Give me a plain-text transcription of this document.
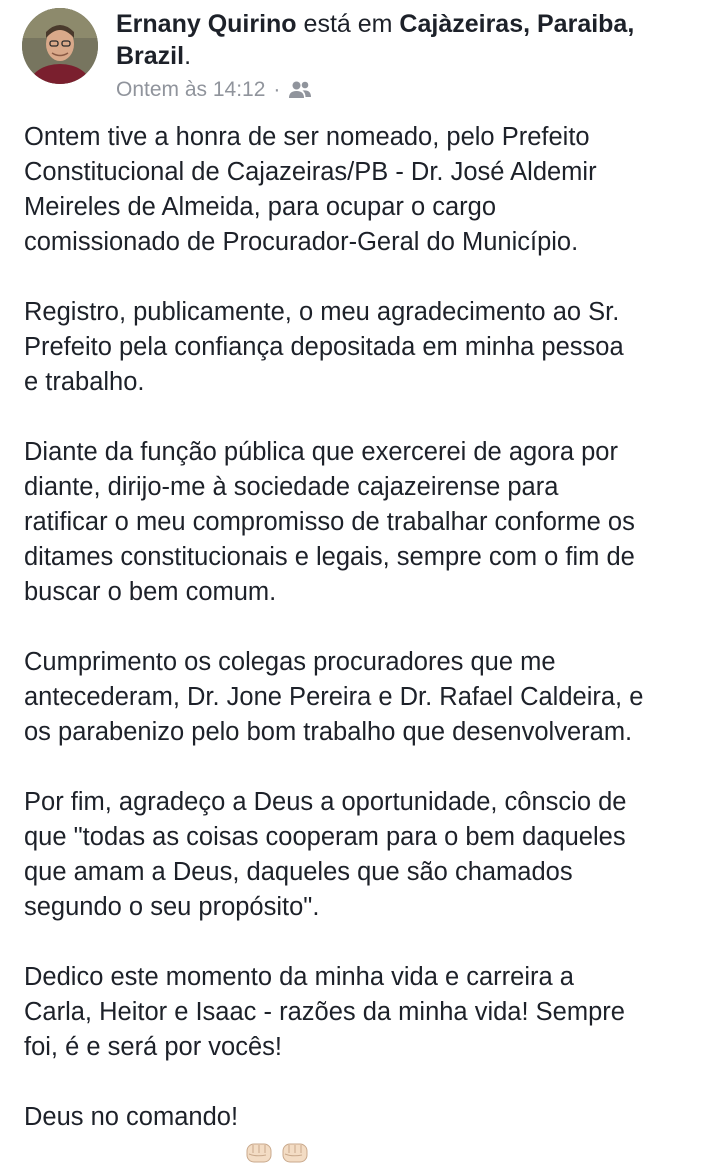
Ernany Quirino está em Cajàzeiras, Paraiba,
Brazil.
Ontem às 14:12 ·

Ontem tive a honra de ser nomeado, pelo Prefeito
Constitucional de Cajazeiras/PB - Dr. José Aldemir
Meireles de Almeida, para ocupar o cargo
comissionado de Procurador-Geral do Município.

Registro, publicamente, o meu agradecimento ao Sr.
Prefeito pela confiança depositada em minha pessoa
e trabalho.

Diante da função pública que exercerei de agora por
diante, dirijo-me à sociedade cajazeirense para
ratificar o meu compromisso de trabalhar conforme os
ditames constitucionais e legais, sempre com o fim de
buscar o bem comum.

Cumprimento os colegas procuradores que me
antecederam, Dr. Jone Pereira e Dr. Rafael Caldeira, e
os parabenizo pelo bom trabalho que desenvolveram.

Por fim, agradeço a Deus a oportunidade, cônscio de
que "todas as coisas cooperam para o bem daqueles
que amam a Deus, daqueles que são chamados
segundo o seu propósito".

Dedico este momento da minha vida e carreira a
Carla, Heitor e Isaac - razões da minha vida! Sempre
foi, é e será por vocês!

Deus no comando!
